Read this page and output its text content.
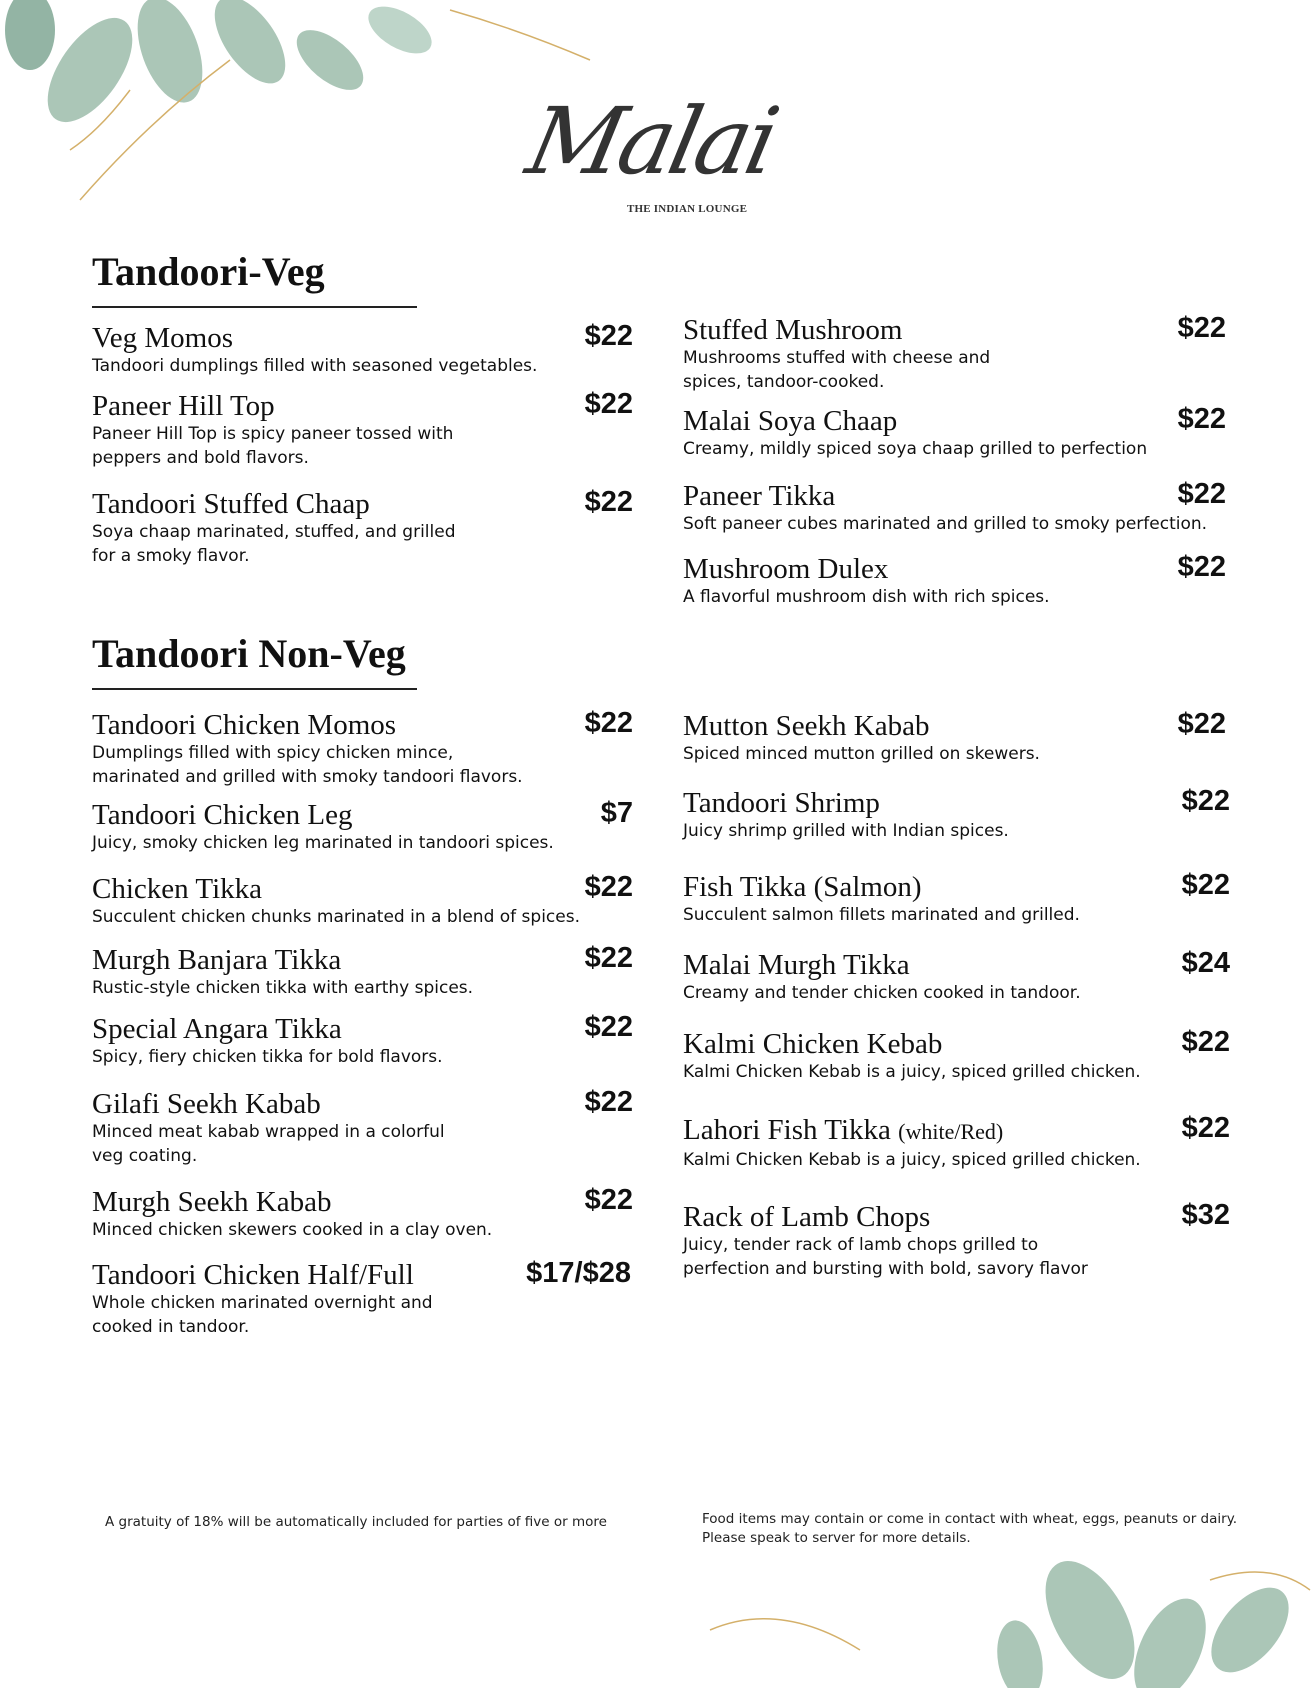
Malai
THE INDIAN LOUNGE
Tandoori-Veg
Tandoori Non-Veg
Veg Momos
Tandoori dumplings filled with seasoned vegetables.
$22
Paneer Hill Top
Paneer Hill Top is spicy paneer tossed with
peppers and bold flavors.
$22
Tandoori Stuffed Chaap
Soya chaap marinated, stuffed, and grilled
for a smoky flavor.
$22
Stuffed Mushroom
Mushrooms stuffed with cheese and
spices, tandoor-cooked.
$22
Malai Soya Chaap
Creamy, mildly spiced soya chaap grilled to perfection
$22
Paneer Tikka
Soft paneer cubes marinated and grilled to smoky perfection.
$22
Mushroom Dulex
A flavorful mushroom dish with rich spices.
$22
Tandoori Chicken Momos
Dumplings filled with spicy chicken mince,
marinated and grilled with smoky tandoori flavors.
$22
Tandoori Chicken Leg
Juicy, smoky chicken leg marinated in tandoori spices.
$7
Chicken Tikka
Succulent chicken chunks marinated in a blend of spices.
$22
Murgh Banjara Tikka
Rustic-style chicken tikka with earthy spices.
$22
Special Angara Tikka
Spicy, fiery chicken tikka for bold flavors.
$22
Gilafi Seekh Kabab
Minced meat kabab wrapped in a colorful
veg coating.
$22
Murgh Seekh Kabab
Minced chicken skewers cooked in a clay oven.
$22
Tandoori Chicken Half/Full
Whole chicken marinated overnight and
cooked in tandoor.
$17/$28
Mutton Seekh Kabab
Spiced minced mutton grilled on skewers.
$22
Tandoori Shrimp
Juicy shrimp grilled with Indian spices.
$22
Fish Tikka (Salmon)
Succulent salmon fillets marinated and grilled.
$22
Malai Murgh Tikka
Creamy and tender chicken cooked in tandoor.
$24
Kalmi Chicken Kebab
Kalmi Chicken Kebab is a juicy, spiced grilled chicken.
$22
Lahori Fish Tikka (white/Red)
Kalmi Chicken Kebab is a juicy, spiced grilled chicken.
$22
Rack of Lamb Chops
Juicy, tender rack of lamb chops grilled to
perfection and bursting with bold, savory flavor
$32
A gratuity of 18% will be automatically included for parties of five or more	Food items may contain or come in contact with wheat, eggs, peanuts or dairy.
Please speak to server for more details.
